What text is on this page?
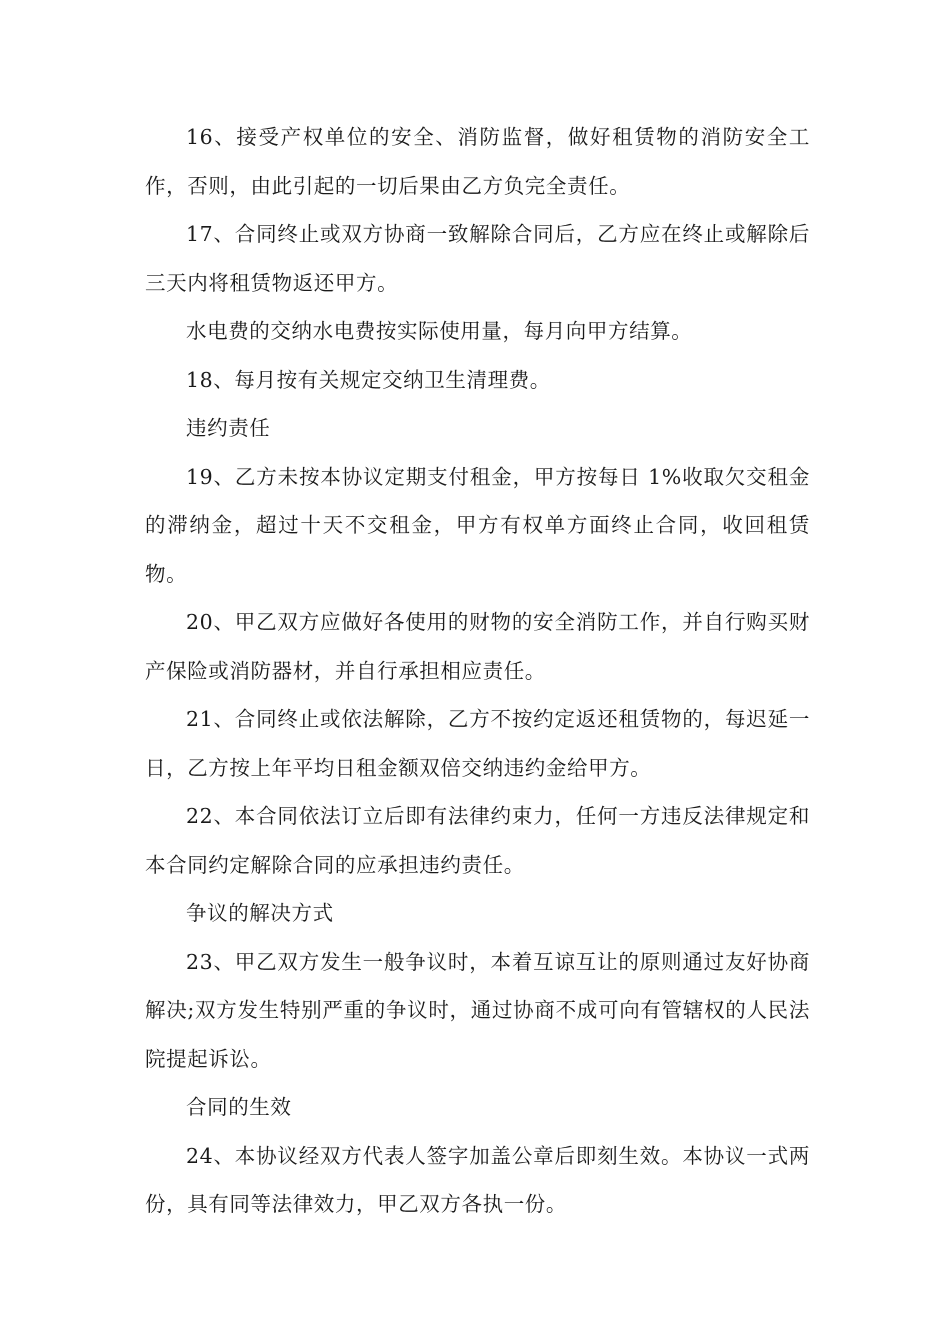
16、接受产权单位的安全、消防监督，做好租赁物的消防安全工作，否则，由此引起的一切后果由乙方负完全责任。

17、合同终止或双方协商一致解除合同后，乙方应在终止或解除后三天内将租赁物返还甲方。

水电费的交纳水电费按实际使用量，每月向甲方结算。

18、每月按有关规定交纳卫生清理费。

违约责任

19、乙方未按本协议定期支付租金，甲方按每日 1%收取欠交租金的滞纳金，超过十天不交租金，甲方有权单方面终止合同，收回租赁物。

20、甲乙双方应做好各使用的财物的安全消防工作，并自行购买财产保险或消防器材，并自行承担相应责任。

21、合同终止或依法解除，乙方不按约定返还租赁物的，每迟延一日，乙方按上年平均日租金额双倍交纳违约金给甲方。

22、本合同依法订立后即有法律约束力，任何一方违反法律规定和本合同约定解除合同的应承担违约责任。

争议的解决方式

23、甲乙双方发生一般争议时，本着互谅互让的原则通过友好协商解决;双方发生特别严重的争议时，通过协商不成可向有管辖权的人民法院提起诉讼。

合同的生效

24、本协议经双方代表人签字加盖公章后即刻生效。本协议一式两份，具有同等法律效力，甲乙双方各执一份。
